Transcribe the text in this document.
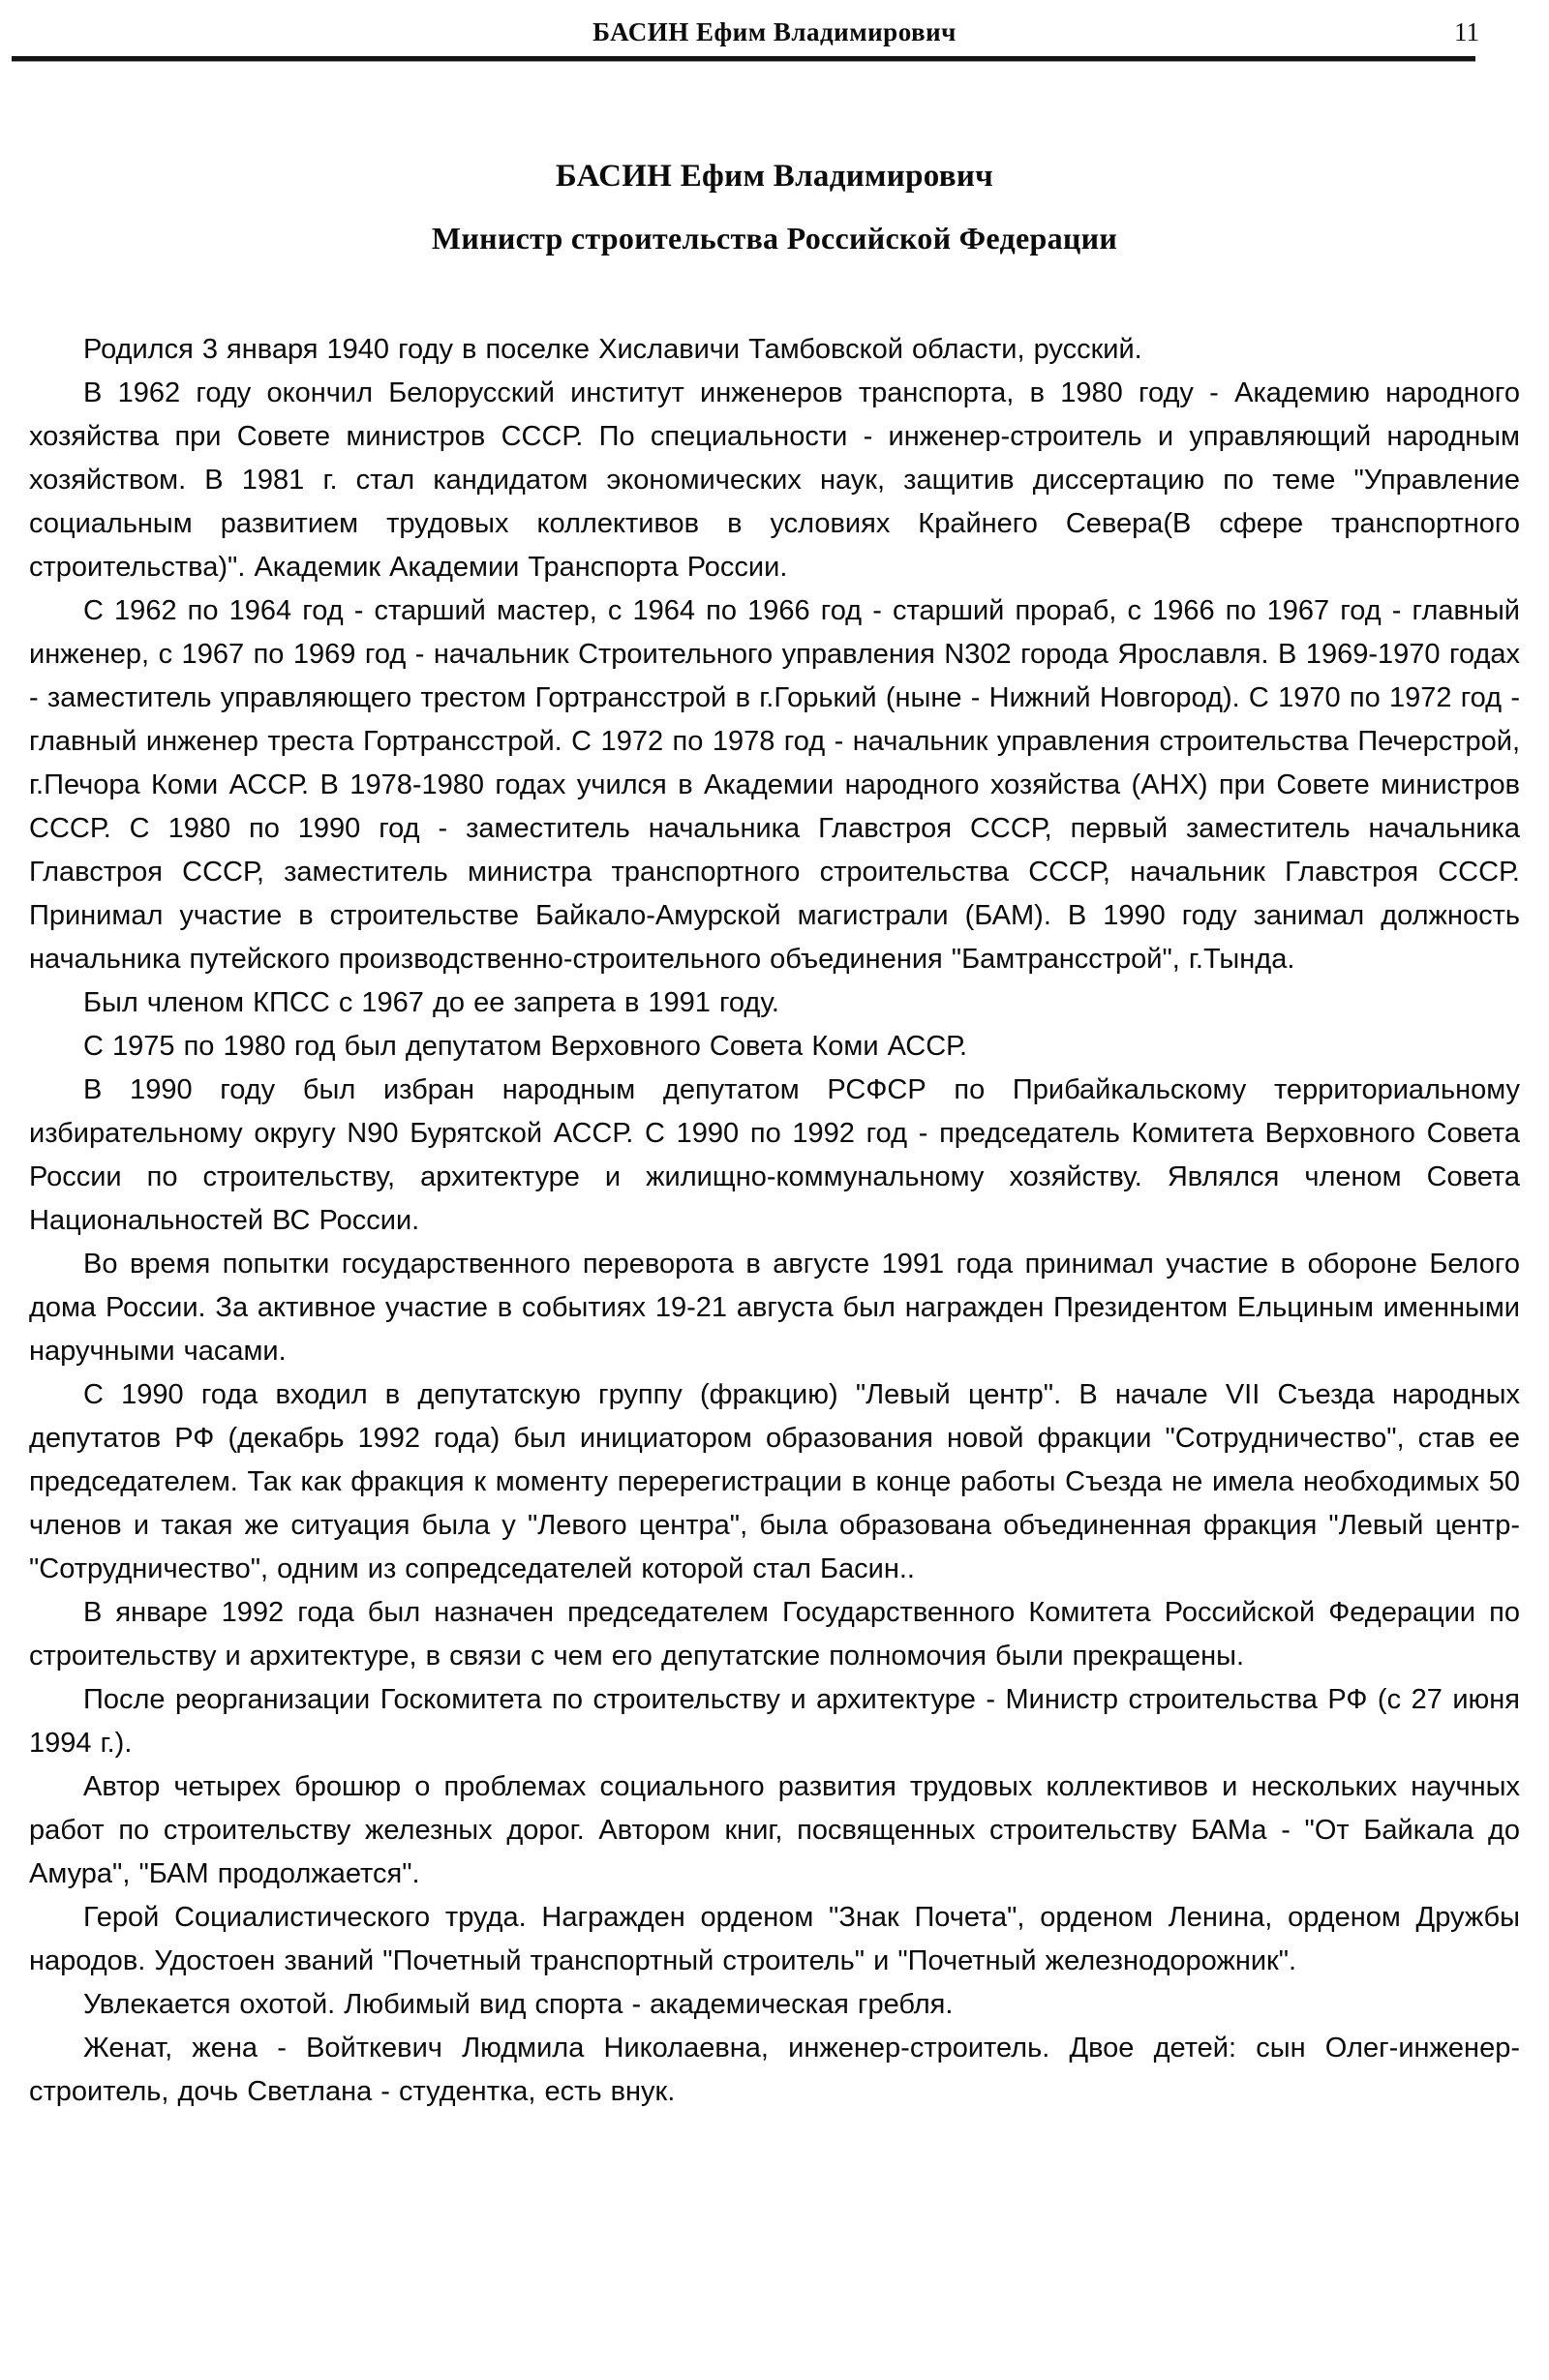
БАСИН Ефим Владимирович	11
БАСИН Ефим Владимирович
Министр строительства Российской Федерации

Родился 3 января 1940 году в поселке Хиславичи Тамбовской области, русский.

В 1962 году окончил Белорусский институт инженеров транспорта, в 1980 году - Академию народного хозяйства при Совете министров СССР. По специальности - инженер-строитель и управляющий народным хозяйством. В 1981 г. стал кандидатом экономических наук, защитив диссертацию по теме "Управление социальным развитием трудовых коллективов в условиях Крайнего Севера(В сфере транспортного строительства)". Академик Академии Транспорта России.

С 1962 по 1964 год - старший мастер, с 1964 по 1966 год - старший прораб, с 1966 по 1967 год - главный инженер, с 1967 по 1969 год - начальник Строительного управления N302 города Ярославля. В 1969-1970 годах - заместитель управляющего трестом Гортрансстрой в г.Горький (ныне - Нижний Новгород). С 1970 по 1972 год - главный инженер треста Гортрансстрой. С 1972 по 1978 год - начальник управления строительства Печерстрой, г.Печора Коми АССР. В 1978-1980 годах учился в Академии народного хозяйства (АНХ) при Совете министров СССР. С 1980 по 1990 год - заместитель начальника Главстроя СССР, первый заместитель начальника Главстроя СССР, заместитель министра транспортного строительства СССР, начальник Главстроя СССР. Принимал участие в строительстве Байкало-Амурской магистрали (БАМ). В 1990 году занимал должность начальника путейского производственно-строительного объединения "Бамтрансстрой", г.Тында.

Был членом КПСС с 1967 до ее запрета в 1991 году.

С 1975 по 1980 год был депутатом Верховного Совета Коми АССР.

В 1990 году был избран народным депутатом РСФСР по Прибайкальскому территориальному избирательному округу N90 Бурятской АССР. С 1990 по 1992 год - председатель Комитета Верховного Совета России по строительству, архитектуре и жилищно-коммунальному хозяйству. Являлся членом Совета Национальностей ВС России.

Во время попытки государственного переворота в августе 1991 года принимал участие в обороне Белого дома России. За активное участие в событиях 19-21 августа был награжден Президентом Ельциным именными наручными часами.

С 1990 года входил в депутатскую группу (фракцию) "Левый центр". В начале VII Съезда народных депутатов РФ (декабрь 1992 года) был инициатором образования новой фракции "Сотрудничество", став ее председателем. Так как фракция к моменту перерегистрации в конце работы Съезда не имела необходимых 50 членов и такая же ситуация была у "Левого центра", была образована объединенная фракция "Левый центр-"Сотрудничество", одним из сопредседателей которой стал Басин..

В январе 1992 года был назначен председателем Государственного Комитета Российской Федерации по строительству и архитектуре, в связи с чем его депутатские полномочия были прекращены.

После реорганизации Госкомитета по строительству и архитектуре - Министр строительства РФ (с 27 июня 1994 г.).

Автор четырех брошюр о проблемах социального развития трудовых коллективов и нескольких научных работ по строительству железных дорог. Автором книг, посвященных строительству БАМа - "От Байкала до Амура", "БАМ продолжается".

Герой Социалистического труда. Награжден орденом "Знак Почета", орденом Ленина, орденом Дружбы народов. Удостоен званий "Почетный транспортный строитель" и "Почетный железнодорожник".

Увлекается охотой. Любимый вид спорта - академическая гребля.

Женат, жена - Войткевич Людмила Николаевна, инженер-строитель. Двое детей: сын Олег-инженер-строитель, дочь Светлана - студентка, есть внук.
